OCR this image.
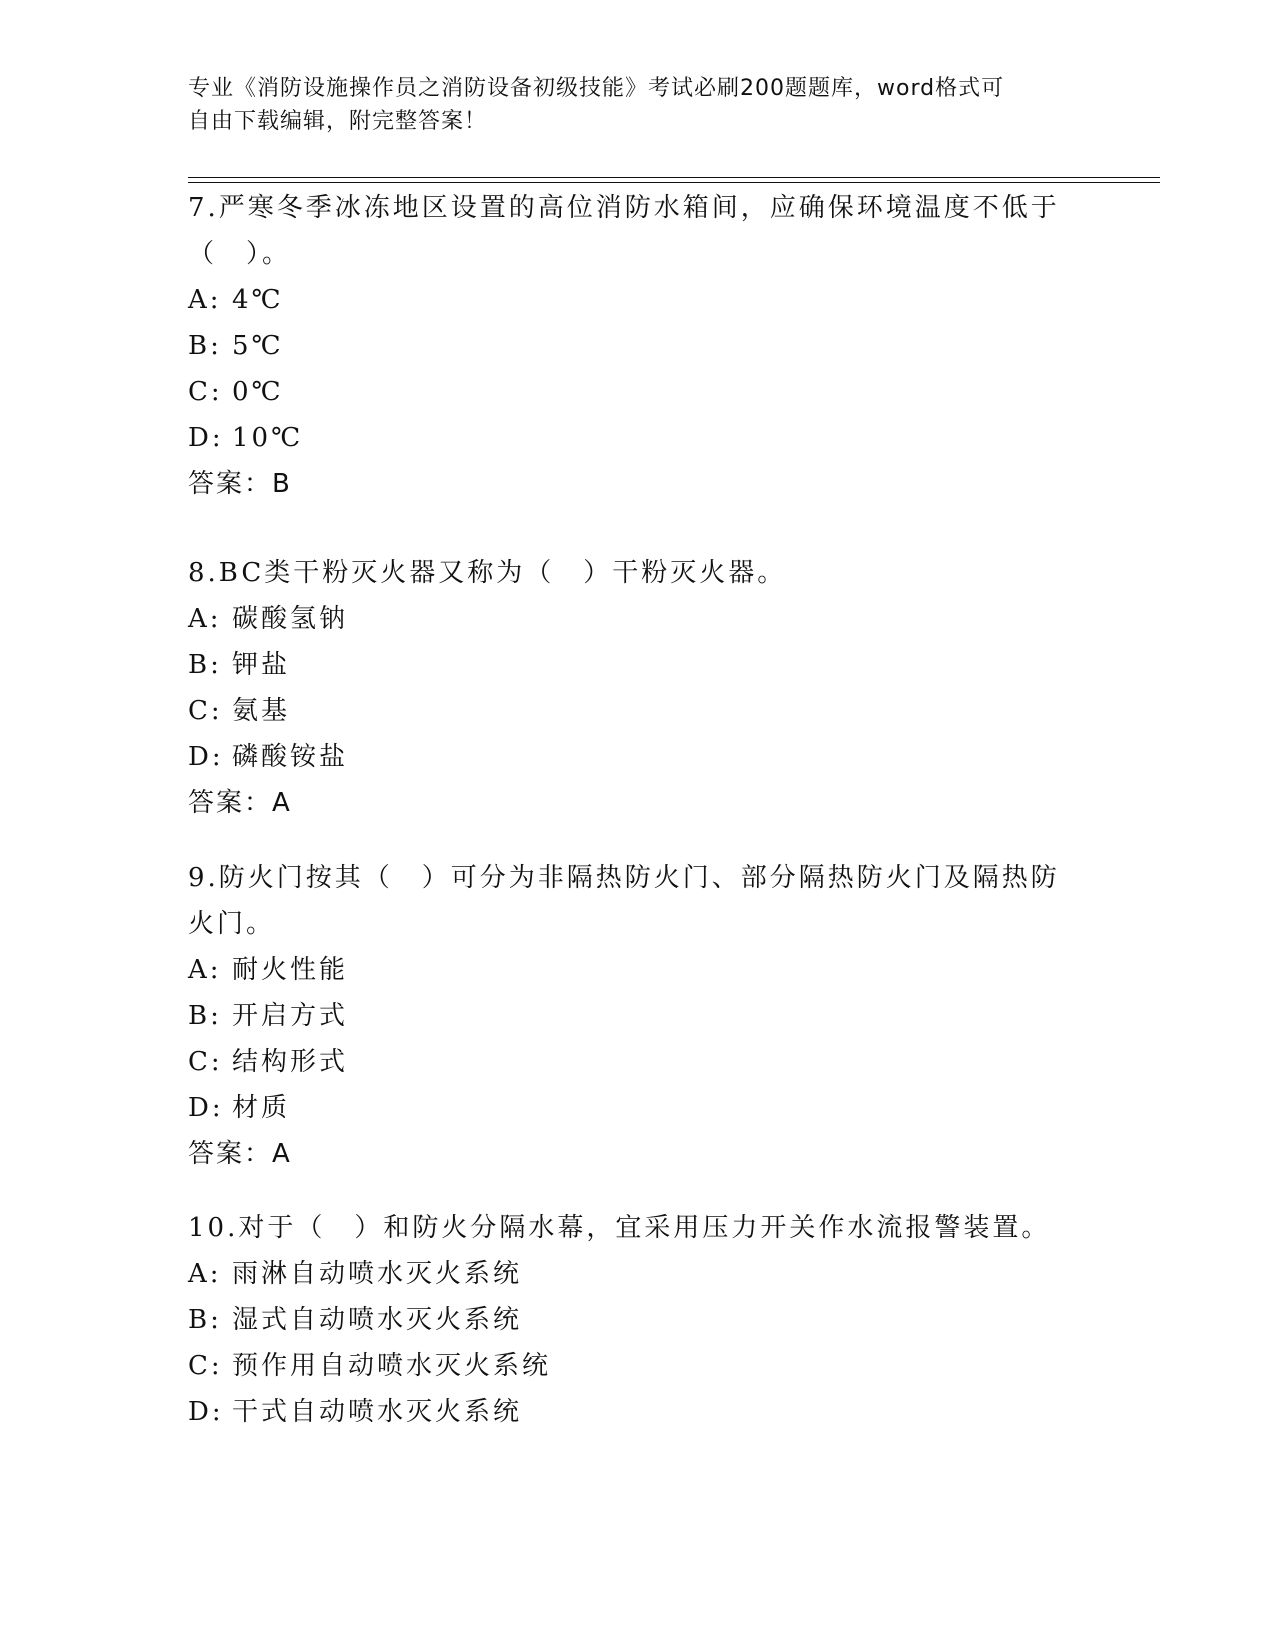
专业《消防设施操作员之消防设备初级技能》考试必刷200题题库，word格式可
自由下载编辑，附完整答案！
7.严寒冬季冰冻地区设置的高位消防水箱间，应确保环境温度不低于
（　）。
A: 4℃
B: 5℃
C: 0℃
D: 10℃
答案：B
8.BC类干粉灭火器又称为（　）干粉灭火器。
A: 碳酸氢钠
B: 钾盐
C: 氨基
D: 磷酸铵盐
答案：A
9.防火门按其（　）可分为非隔热防火门、部分隔热防火门及隔热防
火门。
A: 耐火性能
B: 开启方式
C: 结构形式
D: 材质
答案：A
10.对于（　）和防火分隔水幕，宜采用压力开关作水流报警装置。
A: 雨淋自动喷水灭火系统
B: 湿式自动喷水灭火系统
C: 预作用自动喷水灭火系统
D: 干式自动喷水灭火系统
